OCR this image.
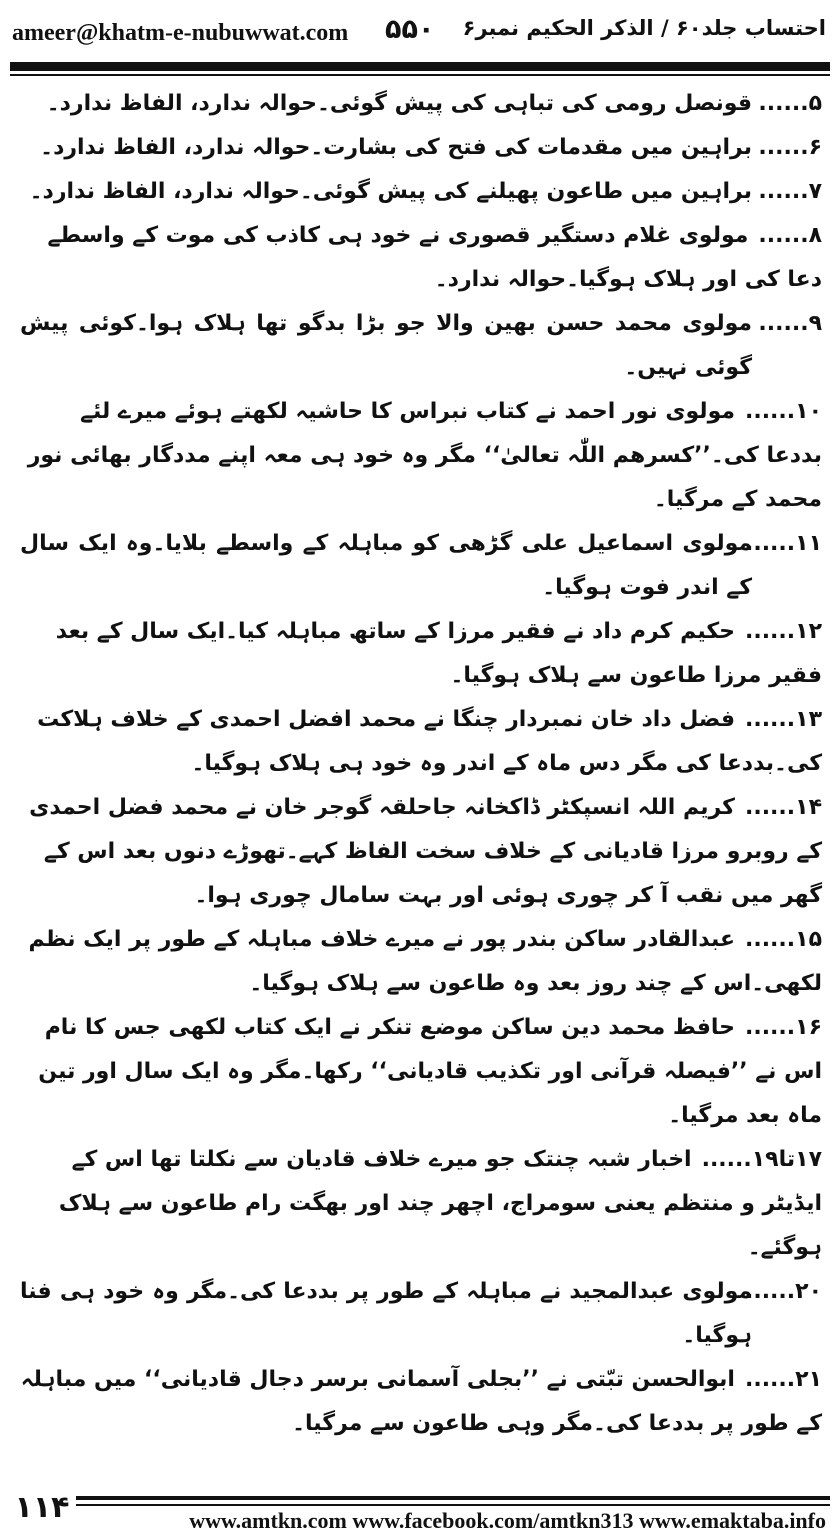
ameer@khatm-e-nubuwwat.com ۵۵۰ احتساب جلد۶۰ / الذکر الحکیم نمبر۶
۵......
قونصل رومی کی تباہی کی پیش گوئی۔حوالہ ندارد، الفاظ ندارد۔
۶......
براہین میں مقدمات کی فتح کی بشارت۔حوالہ ندارد، الفاظ ندارد۔
۷......
براہین میں طاعون پھیلنے کی پیش گوئی۔حوالہ ندارد، الفاظ ندارد۔
۸......مولوی غلام دستگیر قصوری نے خود ہی کاذب کی موت کے واسطے دعا کی اور ہلاک ہوگیا۔حوالہ ندارد۔
۹......
مولوی محمد حسن بھین والا جو بڑا بدگو تھا ہلاک ہوا۔کوئی پیش گوئی نہیں۔
۱۰......مولوی نور احمد نے کتاب نبراس کا حاشیہ لکھتے ہوئے میرے لئے بددعا کی۔’’کسرھم اللّٰہ تعالیٰ‘‘ مگر وہ خود ہی معہ اپنے مددگار بھائی نور محمد کے مرگیا۔
۱۱......
مولوی اسماعیل علی گڑھی کو مباہلہ کے واسطے بلایا۔وہ ایک سال کے اندر فوت ہوگیا۔
۱۲......حکیم کرم داد نے فقیر مرزا کے ساتھ مباہلہ کیا۔ایک سال کے بعد فقیر مرزا طاعون سے ہلاک ہوگیا۔
۱۳......فضل داد خان نمبردار چنگا نے محمد افضل احمدی کے خلاف ہلاکت کی۔بددعا کی مگر دس ماہ کے اندر وہ خود ہی ہلاک ہوگیا۔
۱۴......کریم اللہ انسپکٹر ڈاکخانہ جاحلقہ گوجر خان نے محمد فضل احمدی کے روبرو مرزا قادیانی کے خلاف سخت الفاظ کہے۔تھوڑے دنوں بعد اس کے گھر میں نقب آ کر چوری ہوئی اور بہت سامال چوری ہوا۔
۱۵......عبدالقادر ساکن بندر پور نے میرے خلاف مباہلہ کے طور پر ایک نظم لکھی۔اس کے چند روز بعد وہ طاعون سے ہلاک ہوگیا۔
۱۶......حافظ محمد دین ساکن موضع تنکر نے ایک کتاب لکھی جس کا نام اس نے ’’فیصلہ قرآنی اور تکذیب قادیانی‘‘ رکھا۔مگر وہ ایک سال اور تین ماہ بعد مرگیا۔
۱۷تا۱۹......اخبار شبہ چنتک جو میرے خلاف قادیان سے نکلتا تھا اس کے ایڈیٹر و منتظم یعنی سومراج، اچھر چند اور بھگت رام طاعون سے ہلاک ہوگئے۔
۲۰......
مولوی عبدالمجید نے مباہلہ کے طور پر بددعا کی۔مگر وہ خود ہی فنا ہوگیا۔
۲۱......ابوالحسن تبّتی نے ’’بجلی آسمانی برسر دجال قادیانی‘‘ میں مباہلہ کے طور پر بددعا کی۔مگر وہی طاعون سے مرگیا۔
۱۱۴	www.amtkn.com www.facebook.com/amtkn313 www.emaktaba.info
